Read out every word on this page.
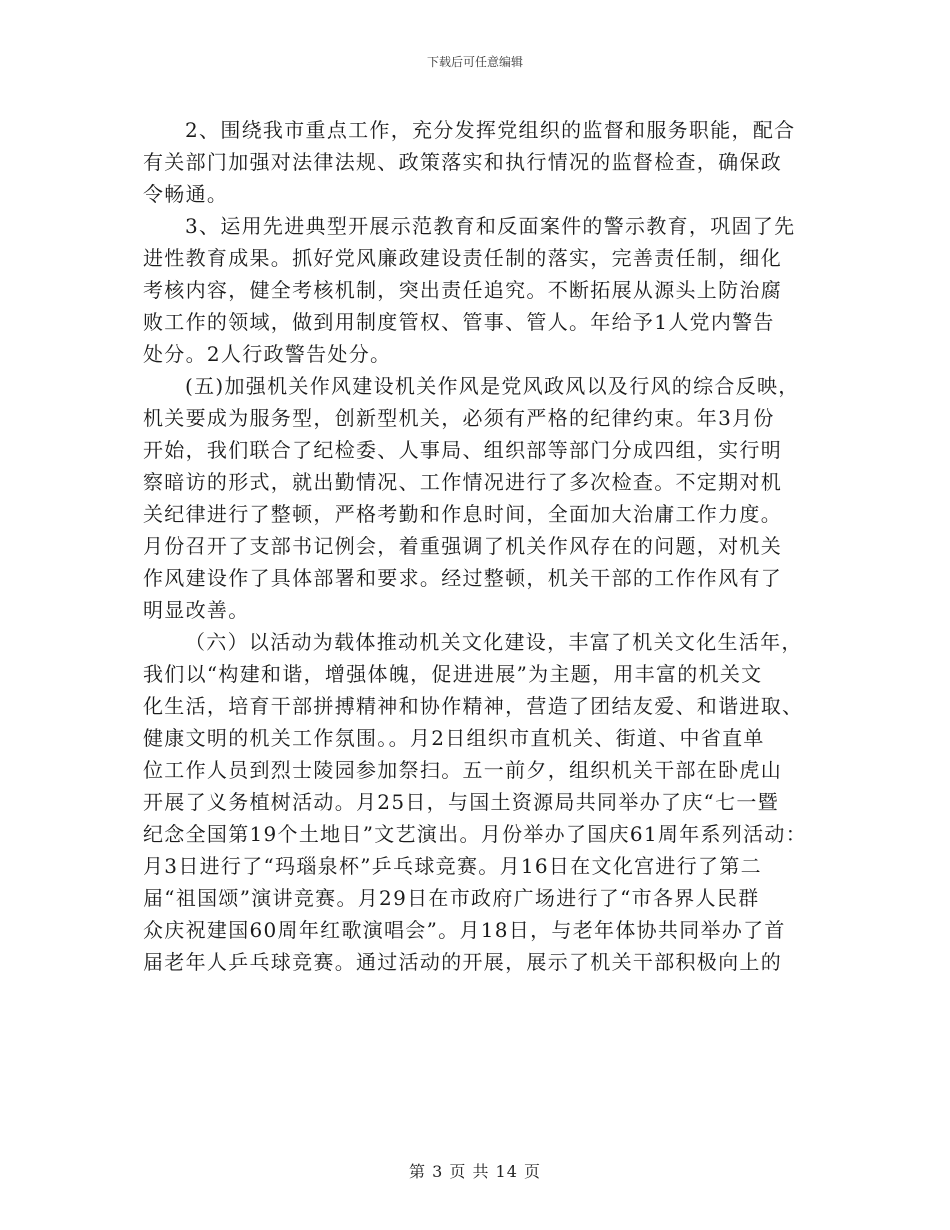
下载后可任意编辑
2、围绕我市重点工作，充分发挥党组织的监督和服务职能，配合
有关部门加强对法律法规、政策落实和执行情况的监督检查，确保政
令畅通。
3、运用先进典型开展示范教育和反面案件的警示教育，巩固了先
进性教育成果。抓好党风廉政建设责任制的落实，完善责任制，细化
考核内容，健全考核机制，突出责任追究。不断拓展从源头上防治腐
败工作的领域，做到用制度管权、管事、管人。年给予1人党内警告
处分。2人行政警告处分。
(五)加强机关作风建设机关作风是党风政风以及行风的综合反映，
机关要成为服务型，创新型机关，必须有严格的纪律约束。年3月份
开始，我们联合了纪检委、人事局、组织部等部门分成四组，实行明
察暗访的形式，就出勤情况、工作情况进行了多次检查。不定期对机
关纪律进行了整顿，严格考勤和作息时间，全面加大治庸工作力度。
月份召开了支部书记例会，着重强调了机关作风存在的问题，对机关
作风建设作了具体部署和要求。经过整顿，机关干部的工作作风有了
明显改善。
（六）以活动为载体推动机关文化建设，丰富了机关文化生活年，
我们以“构建和谐，增强体魄，促进进展”为主题，用丰富的机关文
化生活，培育干部拼搏精神和协作精神，营造了团结友爱、和谐进取、
健康文明的机关工作氛围。。月2日组织市直机关、街道、中省直单
位工作人员到烈士陵园参加祭扫。五一前夕，组织机关干部在卧虎山
开展了义务植树活动。月25日，与国土资源局共同举办了庆“七一暨
纪念全国第19个土地日”文艺演出。月份举办了国庆61周年系列活动：
月3日进行了“玛瑙泉杯”乒乓球竞赛。月16日在文化宫进行了第二
届“祖国颂”演讲竞赛。月29日在市政府广场进行了“市各界人民群
众庆祝建国60周年红歌演唱会”。月18日，与老年体协共同举办了首
届老年人乒乓球竞赛。通过活动的开展，展示了机关干部积极向上的
第 3 页 共 14 页
